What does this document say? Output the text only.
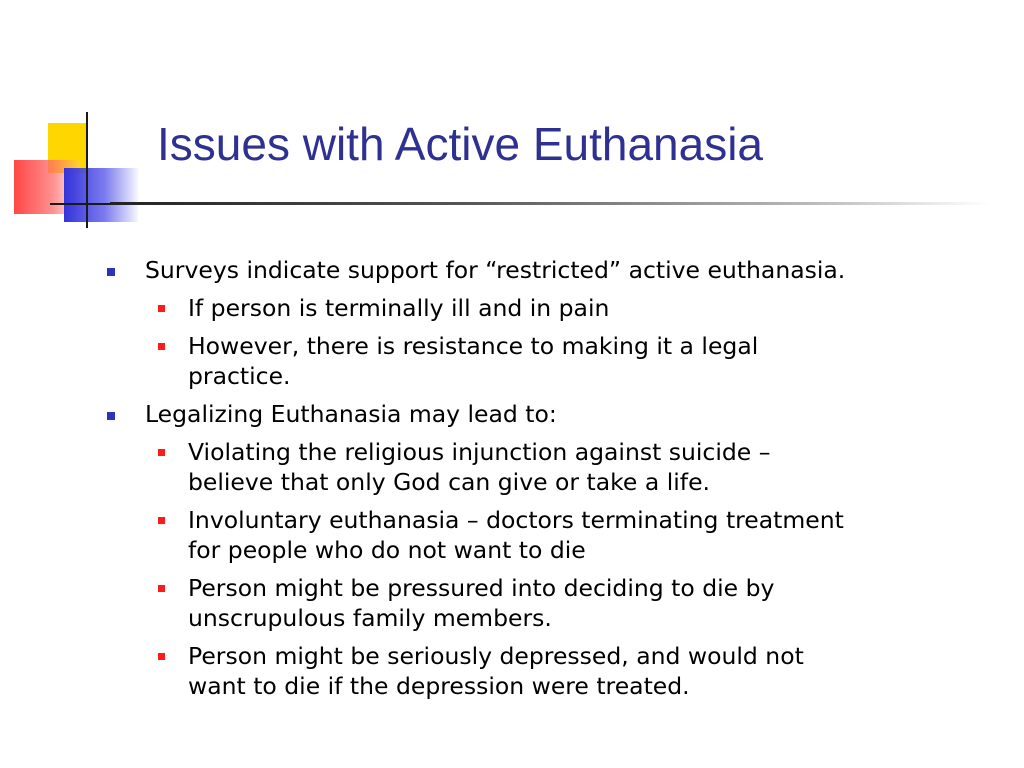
Issues with Active Euthanasia
Surveys indicate support for “restricted” active euthanasia.
If person is terminally ill and in pain
However, there is resistance to making it a legal
practice.
Legalizing Euthanasia may lead to:
Violating the religious injunction against suicide –
believe that only God can give or take a life.
Involuntary euthanasia – doctors terminating treatment
for people who do not want to die
Person might be pressured into deciding to die by
unscrupulous family members.
Person might be seriously depressed, and would not
want to die if the depression were treated.
